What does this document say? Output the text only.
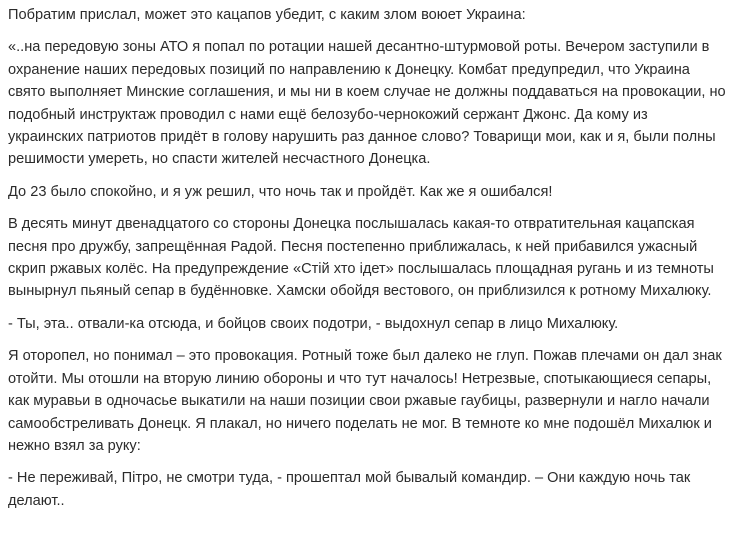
Побратим прислал, может это кацапов убедит, с каким злом воюет Украина:

«..на передовую зоны АТО я попал по ротации нашей десантно-штурмовой роты. Вечером заступили в охранение наших передовых позиций по направлению к Донецку. Комбат предупредил, что Украина свято выполняет Минские соглашения, и мы ни в коем случае не должны поддаваться на провокации, но подобный инструктаж проводил с нами ещё белозубо-чернокожий сержант Джонс. Да кому из украинских патриотов придёт в голову нарушить раз данное слово? Товарищи мои, как и я, были полны решимости умереть, но спасти жителей несчастного Донецка.

До 23 было спокойно, и я уж решил, что ночь так и пройдёт. Как же я ошибался!

В десять минут двенадцатого со стороны Донецка послышалась какая-то отвратительная кацапская песня про дружбу, запрещённая Радой. Песня постепенно приближалась, к ней прибавился ужасный скрип ржавых колёс. На предупреждение «Стій хто ідет» послышалась площадная ругань и из темноты вынырнул пьяный сепар в будённовке. Хамски обойдя вестового, он приблизился к ротному Михалюку.

- Ты, эта.. отвали-ка отсюда, и бойцов своих подотри, - выдохнул сепар в лицо Михалюку.

Я оторопел, но понимал – это провокация. Ротный тоже был далеко не глуп. Пожав плечами он дал знак отойти. Мы отошли на вторую линию обороны и что тут началось! Нетрезвые, спотыкающиеся сепары, как муравьи в одночасье выкатили на наши позиции свои ржавые гаубицы, развернули и нагло начали самообстреливать Донецк. Я плакал, но ничего поделать не мог. В темноте ко мне подошёл Михалюк и нежно взял за руку:

- Не переживай, Пітро, не смотри туда, - прошептал мой бывалый командир. – Они каждую ночь так делают..
